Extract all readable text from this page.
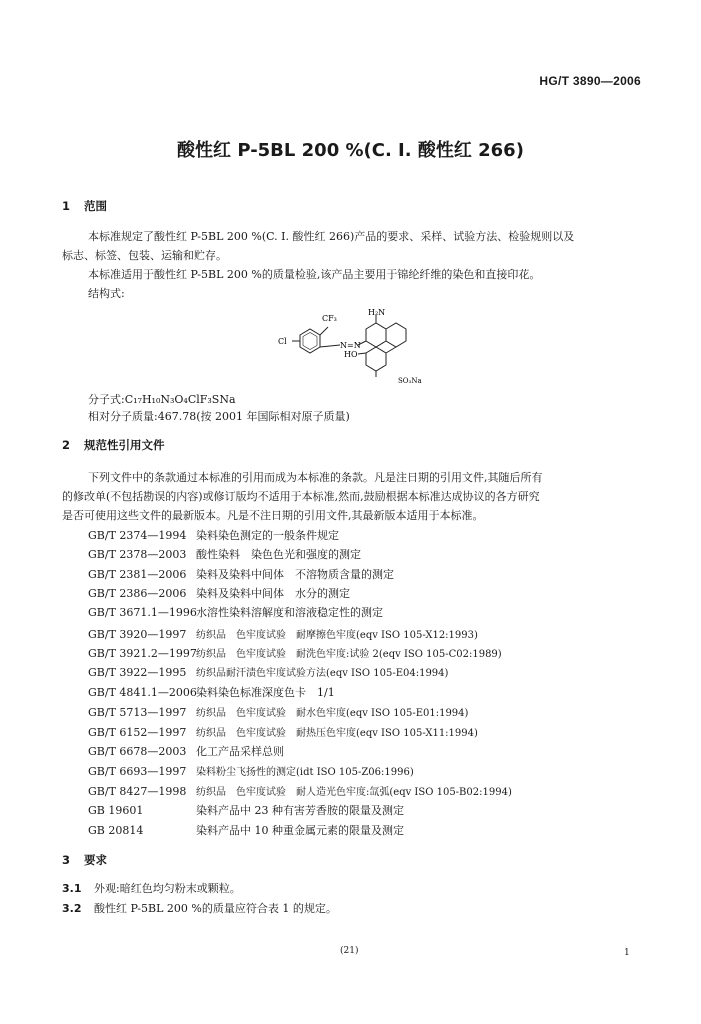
HG/T 3890—2006
酸性红 P-5BL 200 %(C. I. 酸性红 266)
1 范围
本标准规定了酸性红 P-5BL 200 %(C. I. 酸性红 266)产品的要求、采样、试验方法、检验规则以及
标志、标签、包装、运输和贮存。
本标准适用于酸性红 P-5BL 200 %的质量检验,该产品主要用于锦纶纤维的染色和直接印花。
结构式:
CF₃
H₂N
Cl	N=N
HO
SO₃Na
分子式:C₁₇H₁₀N₃O₄ClF₃SNa
相对分子质量:467.78(按 2001 年国际相对原子质量)
2 规范性引用文件
下列文件中的条款通过本标准的引用而成为本标准的条款。凡是注日期的引用文件,其随后所有
的修改单(不包括勘误的内容)或修订版均不适用于本标准,然而,鼓励根据本标准达成协议的各方研究
是否可使用这些文件的最新版本。凡是不注日期的引用文件,其最新版本适用于本标准。
GB/T 2374—1994 染料染色测定的一般条件规定
GB/T 2378—2003 酸性染料　染色色光和强度的测定
GB/T 2381—2006 染料及染料中间体　不溶物质含量的测定
GB/T 2386—2006 染料及染料中间体　水分的测定
GB/T 3671.1—1996水溶性染料溶解度和溶液稳定性的测定
GB/T 3920—1997 纺织品　色牢度试验　耐摩擦色牢度(eqv ISO 105-X12:1993)
GB/T 3921.2—1997纺织品　色牢度试验　耐洗色牢度:试验 2(eqv ISO 105-C02:1989)
GB/T 3922—1995 纺织品耐汗渍色牢度试验方法(eqv ISO 105-E04:1994)
GB/T 4841.1—2006染料染色标准深度色卡　1/1
GB/T 5713—1997 纺织品　色牢度试验　耐水色牢度(eqv ISO 105-E01:1994)
GB/T 6152—1997 纺织品　色牢度试验　耐热压色牢度(eqv ISO 105-X11:1994)
GB/T 6678—2003 化工产品采样总则
GB/T 6693—1997 染料粉尘飞扬性的测定(idt ISO 105-Z06:1996)
GB/T 8427—1998 纺织品　色牢度试验　耐人造光色牢度:氙弧(eqv ISO 105-B02:1994)
GB 19601	染料产品中 23 种有害芳香胺的限量及测定
GB 20814	染料产品中 10 种重金属元素的限量及测定
3 要求
3.1 外观:暗红色均匀粉末或颗粒。
3.2 酸性红 P-5BL 200 %的质量应符合表 1 的规定。
(21)	1
